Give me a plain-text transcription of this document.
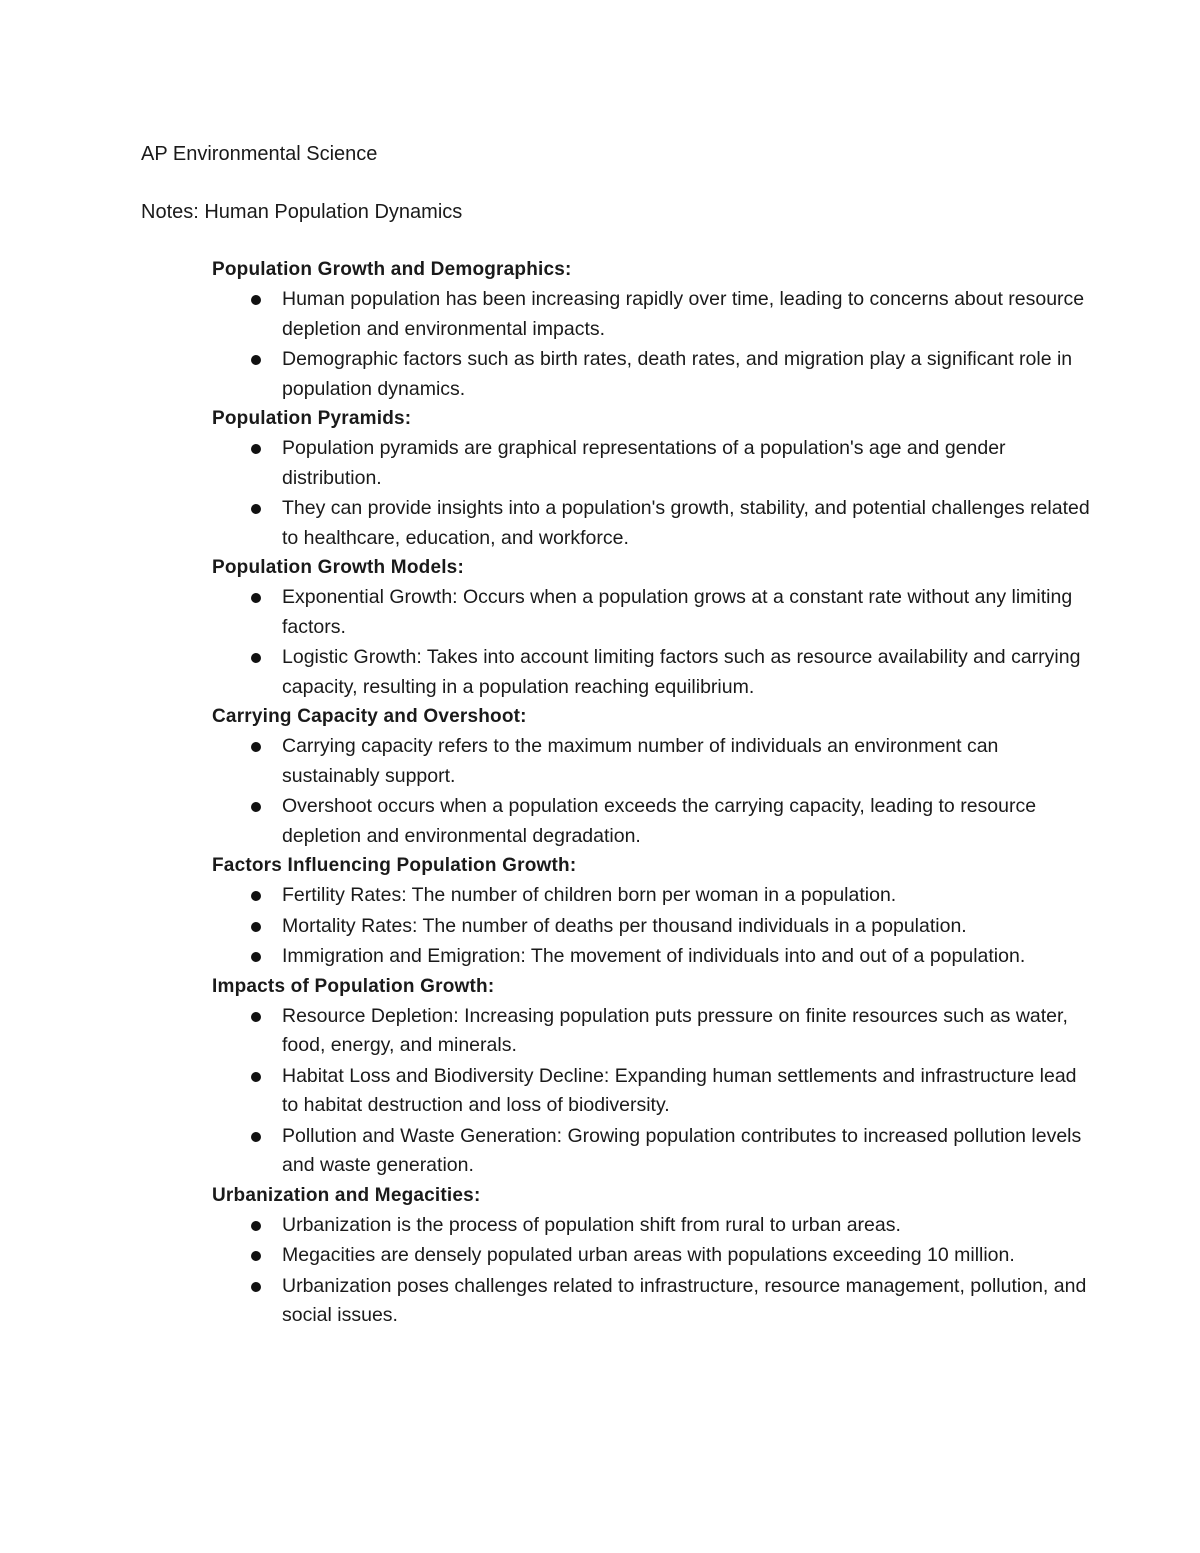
AP Environmental Science
Notes: Human Population Dynamics
Population Growth and Demographics:
Human population has been increasing rapidly over time, leading to concerns about resource depletion and environmental impacts.
Demographic factors such as birth rates, death rates, and migration play a significant role in population dynamics.
Population Pyramids:
Population pyramids are graphical representations of a population's age and gender distribution.
They can provide insights into a population's growth, stability, and potential challenges related to healthcare, education, and workforce.
Population Growth Models:
Exponential Growth: Occurs when a population grows at a constant rate without any limiting factors.
Logistic Growth: Takes into account limiting factors such as resource availability and carrying capacity, resulting in a population reaching equilibrium.
Carrying Capacity and Overshoot:
Carrying capacity refers to the maximum number of individuals an environment can sustainably support.
Overshoot occurs when a population exceeds the carrying capacity, leading to resource depletion and environmental degradation.
Factors Influencing Population Growth:
Fertility Rates: The number of children born per woman in a population.
Mortality Rates: The number of deaths per thousand individuals in a population.
Immigration and Emigration: The movement of individuals into and out of a population.
Impacts of Population Growth:
Resource Depletion: Increasing population puts pressure on finite resources such as water, food, energy, and minerals.
Habitat Loss and Biodiversity Decline: Expanding human settlements and infrastructure lead to habitat destruction and loss of biodiversity.
Pollution and Waste Generation: Growing population contributes to increased pollution levels and waste generation.
Urbanization and Megacities:
Urbanization is the process of population shift from rural to urban areas.
Megacities are densely populated urban areas with populations exceeding 10 million.
Urbanization poses challenges related to infrastructure, resource management, pollution, and social issues.
